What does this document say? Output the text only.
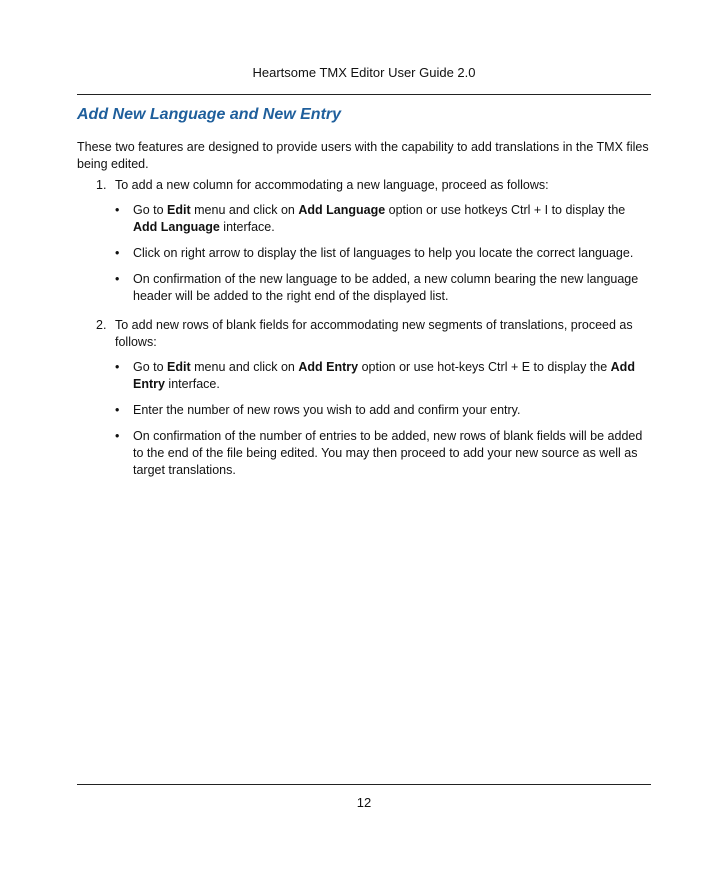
Heartsome TMX Editor User Guide 2.0
Add New Language and New Entry
These two features are designed to provide users with the capability to add translations in the TMX files being edited.
1. To add a new column for accommodating a new language, proceed as follows:
• Go to Edit menu and click on Add Language option or use hotkeys Ctrl + I to display the Add Language interface.
• Click on right arrow to display the list of languages to help you locate the correct language.
• On confirmation of the new language to be added, a new column bearing the new language header will be added to the right end of the displayed list.
2. To add new rows of blank fields for accommodating new segments of translations, proceed as follows:
• Go to Edit menu and click on Add Entry option or use hot-keys Ctrl + E to display the Add Entry interface.
• Enter the number of new rows you wish to add and confirm your entry.
• On confirmation of the number of entries to be added, new rows of blank fields will be added to the end of the file being edited. You may then proceed to add your new source as well as target translations.
12
